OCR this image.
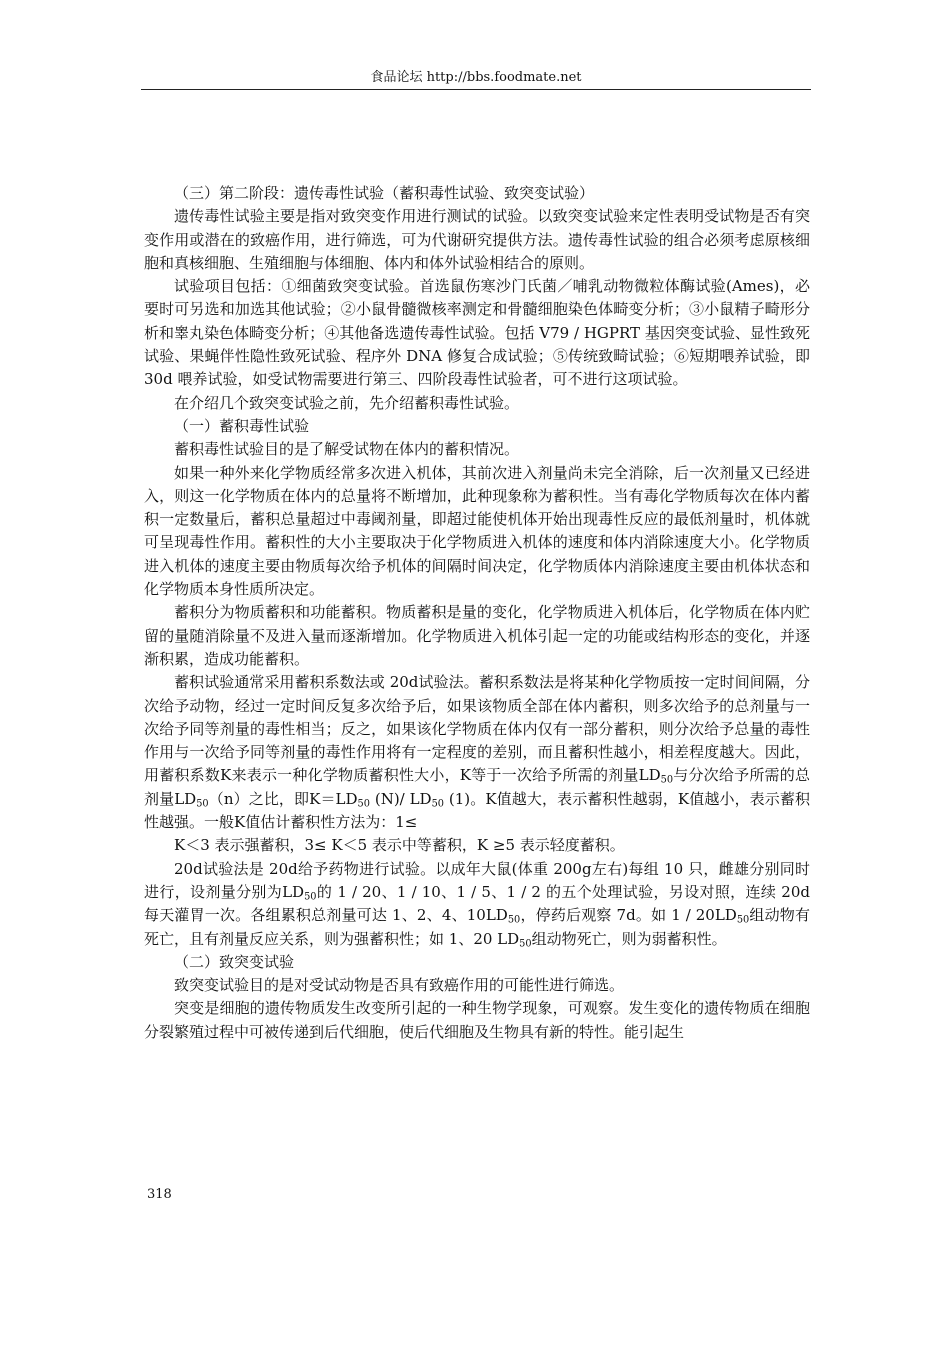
食品论坛 http://bbs.foodmate.net

（三）第二阶段：遗传毒性试验（蓄积毒性试验、致突变试验）

遗传毒性试验主要是指对致突变作用进行测试的试验。以致突变试验来定性表明受试物是否有突变作用或潜在的致癌作用，进行筛选，可为代谢研究提供方法。遗传毒性试验的组合必须考虑原核细胞和真核细胞、生殖细胞与体细胞、体内和体外试验相结合的原则。

试验项目包括：①细菌致突变试验。首选鼠伤寒沙门氏菌／哺乳动物微粒体酶试验(Ames)，必要时可另选和加选其他试验；②小鼠骨髓微核率测定和骨髓细胞染色体畸变分析；③小鼠精子畸形分析和睾丸染色体畸变分析；④其他备选遗传毒性试验。包括 V79 / HGPRT 基因突变试验、显性致死试验、果蝇伴性隐性致死试验、程序外 DNA 修复合成试验；⑤传统致畸试验；⑥短期喂养试验，即 30d 喂养试验，如受试物需要进行第三、四阶段毒性试验者，可不进行这项试验。

在介绍几个致突变试验之前，先介绍蓄积毒性试验。

（一）蓄积毒性试验

蓄积毒性试验目的是了解受试物在体内的蓄积情况。

如果一种外来化学物质经常多次进入机体，其前次进入剂量尚未完全消除，后一次剂量又已经进入，则这一化学物质在体内的总量将不断增加，此种现象称为蓄积性。当有毒化学物质每次在体内蓄积一定数量后，蓄积总量超过中毒阈剂量，即超过能使机体开始出现毒性反应的最低剂量时，机体就可呈现毒性作用。蓄积性的大小主要取决于化学物质进入机体的速度和体内消除速度大小。化学物质进入机体的速度主要由物质每次给予机体的间隔时间决定，化学物质体内消除速度主要由机体状态和化学物质本身性质所决定。

蓄积分为物质蓄积和功能蓄积。物质蓄积是量的变化，化学物质进入机体后，化学物质在体内贮留的量随消除量不及进入量而逐渐增加。化学物质进入机体引起一定的功能或结构形态的变化，并逐渐积累，造成功能蓄积。

蓄积试验通常采用蓄积系数法或 20d试验法。蓄积系数法是将某种化学物质按一定时间间隔，分次给予动物，经过一定时间反复多次给予后，如果该物质全部在体内蓄积，则多次给予的总剂量与一次给予同等剂量的毒性相当；反之，如果该化学物质在体内仅有一部分蓄积，则分次给予总量的毒性作用与一次给予同等剂量的毒性作用将有一定程度的差别，而且蓄积性越小，相差程度越大。因此，用蓄积系数K来表示一种化学物质蓄积性大小，K等于一次给予所需的剂量$LD_{50}$与分次给予所需的总剂量$LD_{50}(n)$之比，即$K=LD_{50}$ (N)/ $LD_{50}$ (1)。K值越大，表示蓄积性越弱，K值越小，表示蓄积性越强。一般K值估计蓄积性方法为：1≤

K＜3 表示强蓄积，3≤ K＜5 表示中等蓄积，K ≥5 表示轻度蓄积。

20d试验法是 20d给予药物进行试验。以成年大鼠(体重 200g左右)每组 10 只，雌雄分别同时进行，设剂量分别为$LD_{50}$的 1 / 20、1 / 10、1 / 5、1 / 2 的五个处理试验，另设对照，连续 20d每天灌胃一次。各组累积总剂量可达 1、2、4、$10LD_{50}$，停药后观察 7d。如 $1 / 20LD_{50}$组动物有死亡，且有剂量反应关系，则为强蓄积性；如 1、20 $LD_{50}$组动物死亡，则为弱蓄积性。

（二）致突变试验

致突变试验目的是对受试动物是否具有致癌作用的可能性进行筛选。

突变是细胞的遗传物质发生改变所引起的一种生物学现象，可观察。发生变化的遗传物质在细胞分裂繁殖过程中可被传递到后代细胞，使后代细胞及生物具有新的特性。能引起生

318
